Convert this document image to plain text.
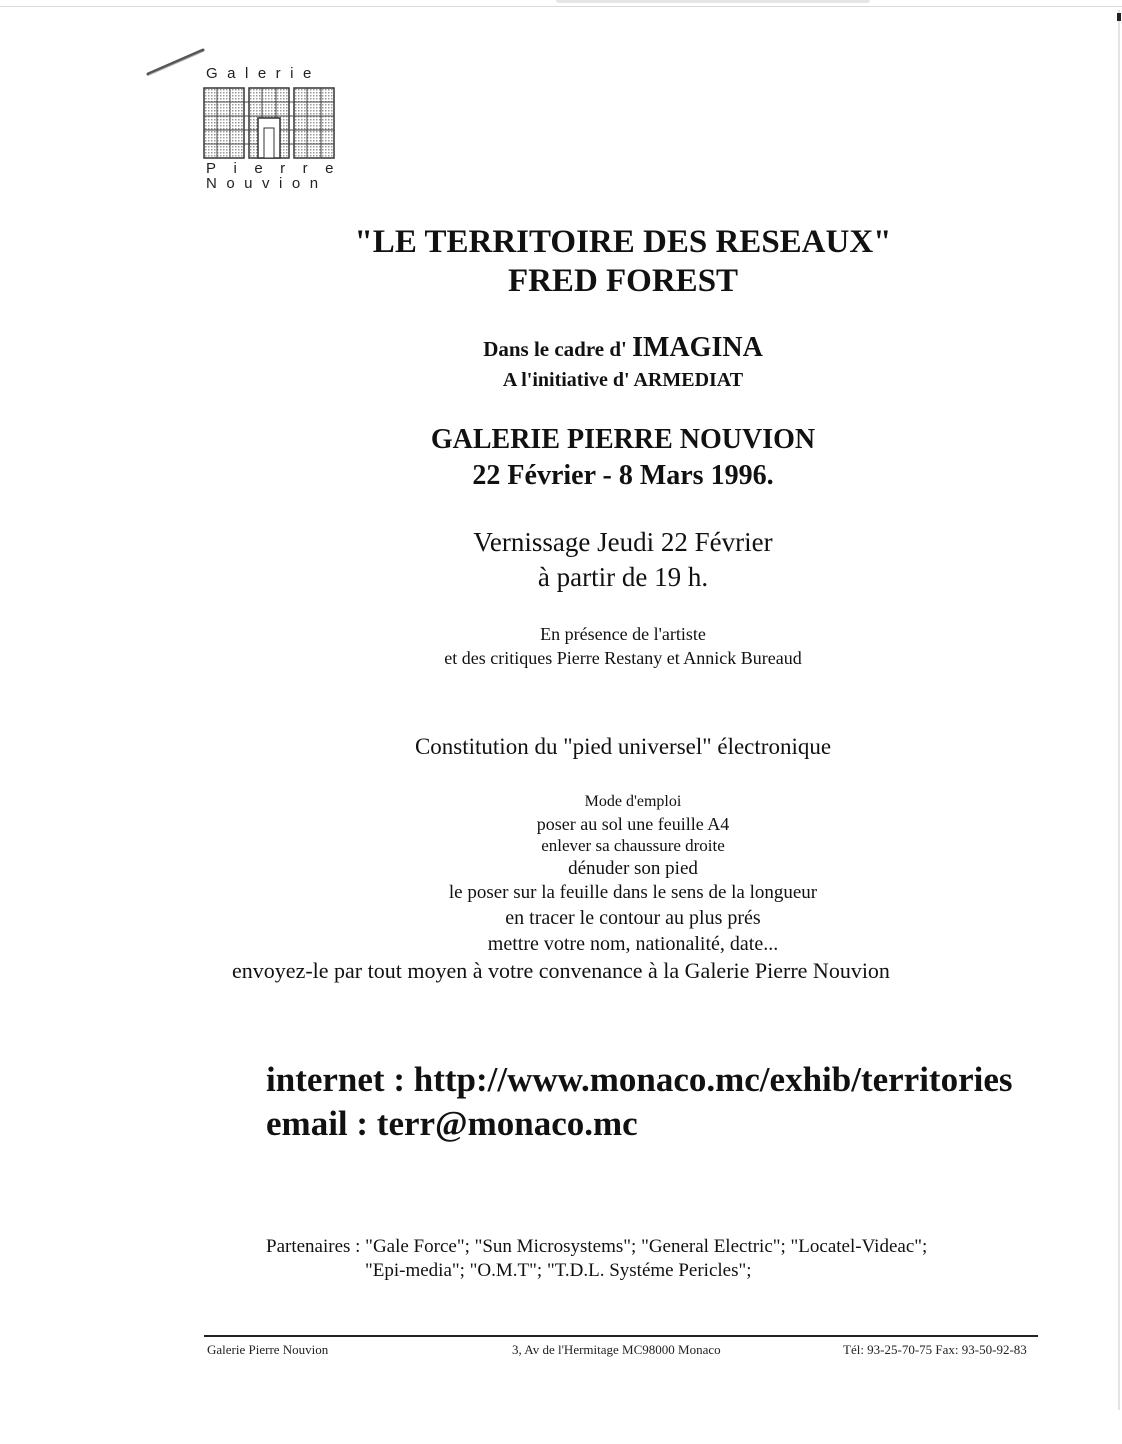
Galerie
Pierre
Nouvion
"LE TERRITOIRE DES RESEAUX"
FRED FOREST
Dans le cadre d' IMAGINA
A l'initiative d' ARMEDIAT
GALERIE PIERRE NOUVION
22 Février - 8 Mars 1996.
Vernissage Jeudi 22 Février
à partir de 19 h.
En présence de l'artiste
et des critiques Pierre Restany et Annick Bureaud
Constitution du "pied universel" électronique
Mode d'emploi
poser au sol une feuille A4
enlever sa chaussure droite
dénuder son pied
le poser sur la feuille dans le sens de la longueur
en tracer le contour au plus prés
mettre votre nom, nationalité, date...
envoyez-le par tout moyen à votre convenance à la Galerie Pierre Nouvion
internet : http://www.monaco.mc/exhib/territories
email : terr@monaco.mc
Partenaires : "Gale Force"; "Sun Microsystems"; "General Electric"; "Locatel-Videac";
"Epi-media"; "O.M.T"; "T.D.L. Systéme Pericles";
Galerie Pierre Nouvion	3, Av de l'Hermitage MC98000 Monaco	Tél: 93-25-70-75 Fax: 93-50-92-83
